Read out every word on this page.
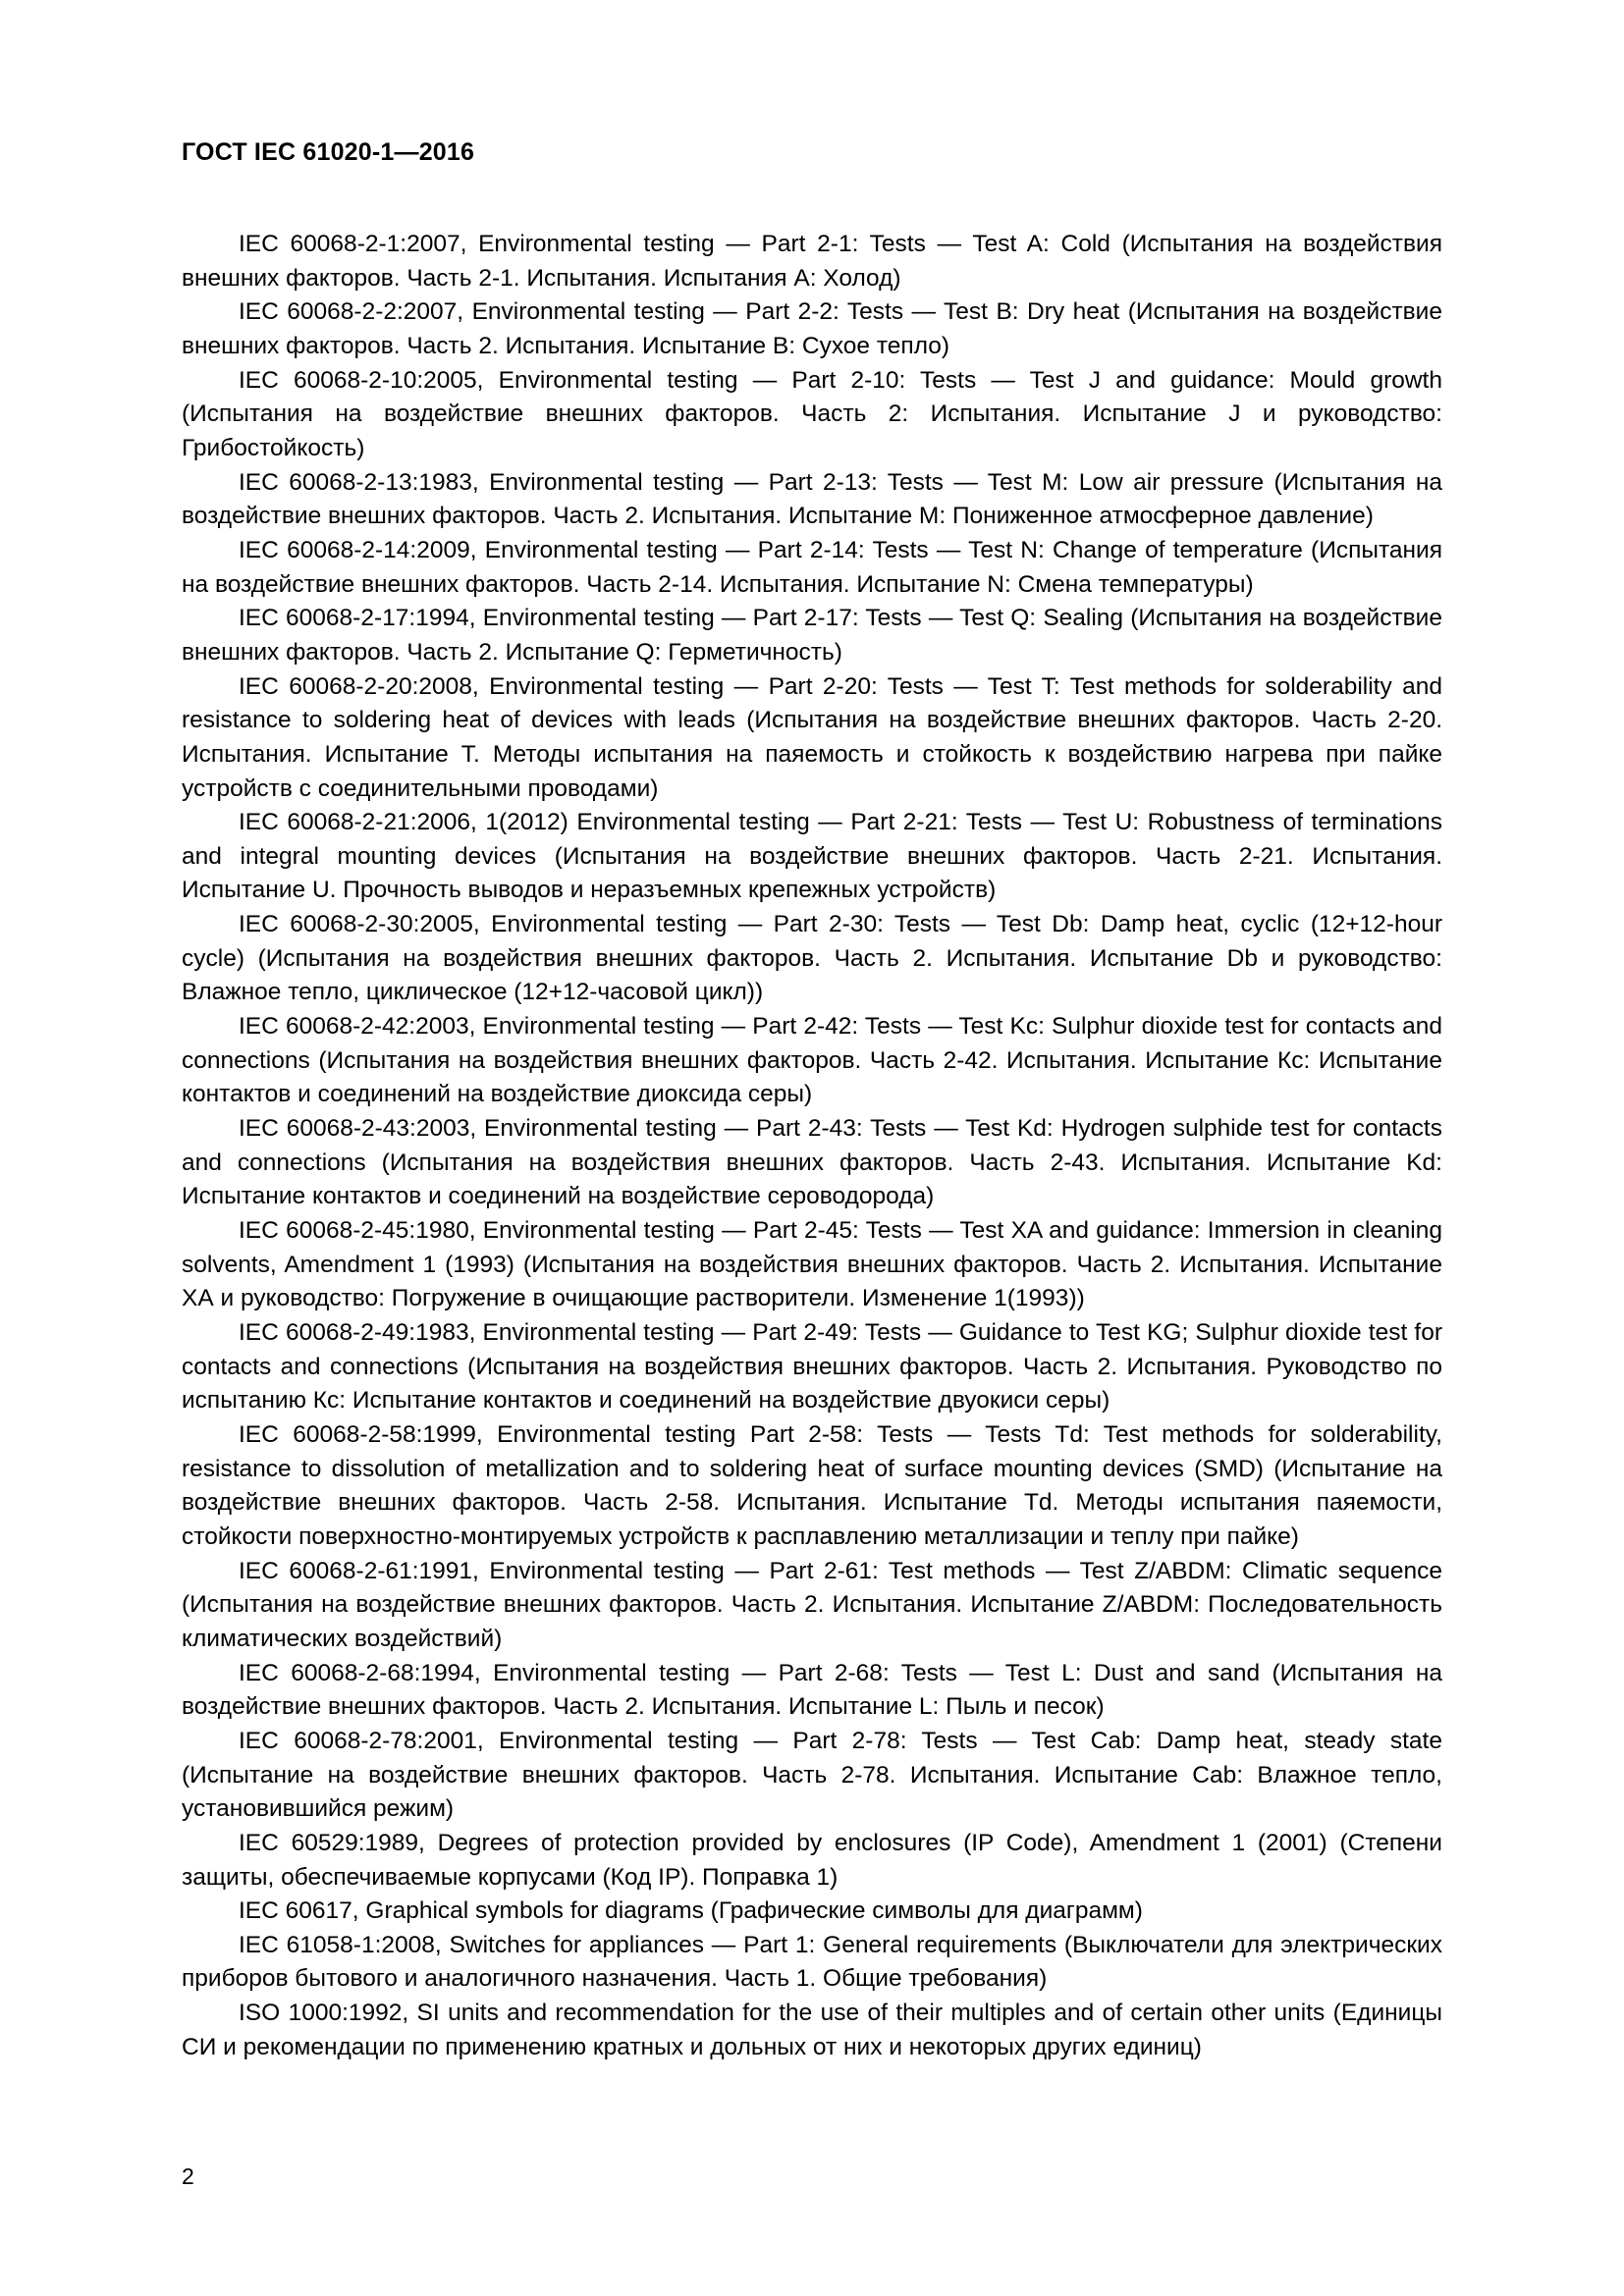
ГОСТ IEC 61020-1—2016

IEC 60068-2-1:2007, Environmental testing — Part 2-1: Tests — Test A: Cold (Испытания на воздействия внешних факторов. Часть 2-1. Испытания. Испытания А: Холод)

IEC 60068-2-2:2007, Environmental testing — Part 2-2: Tests — Test B: Dry heat (Испытания на воздействие внешних факторов. Часть 2. Испытания. Испытание В: Сухое тепло)

IEC 60068-2-10:2005, Environmental testing — Part 2-10: Tests — Test J and guidance: Mould growth (Испытания на воздействие внешних факторов. Часть 2: Испытания. Испытание J и руководство: Грибостойкость)

IEC 60068-2-13:1983, Environmental testing — Part 2-13: Tests — Test M: Low air pressure (Испытания на воздействие внешних факторов. Часть 2. Испытания. Испытание М: Пониженное атмосферное давление)

IEC 60068-2-14:2009, Environmental testing — Part 2-14: Tests — Test N: Change of temperature (Испытания на воздействие внешних факторов. Часть 2-14. Испытания. Испытание N: Смена температуры)

IEC 60068-2-17:1994, Environmental testing — Part 2-17: Tests — Test Q: Sealing (Испытания на воздействие внешних факторов. Часть 2. Испытание Q: Герметичность)

IEC 60068-2-20:2008, Environmental testing — Part 2-20: Tests — Test T: Test methods for solderability and resistance to soldering heat of devices with leads (Испытания на воздействие внешних факторов. Часть 2-20. Испытания. Испытание Т. Методы испытания на паяемость и стойкость к воздействию нагрева при пайке устройств с соединительными проводами)

IEC 60068-2-21:2006, 1(2012) Environmental testing — Part 2-21: Tests — Test U: Robustness of terminations and integral mounting devices (Испытания на воздействие внешних факторов. Часть 2-21. Испытания. Испытание U. Прочность выводов и неразъемных крепежных устройств)

IEC 60068-2-30:2005, Environmental testing — Part 2-30: Tests — Test Db: Damp heat, cyclic (12+12-hour cycle) (Испытания на воздействия внешних факторов. Часть 2. Испытания. Испытание Db и руководство: Влажное тепло, циклическое (12+12-часовой цикл))

IEC 60068-2-42:2003, Environmental testing — Part 2-42: Tests — Test Kc: Sulphur dioxide test for contacts and connections (Испытания на воздействия внешних факторов. Часть 2-42. Испытания. Испытание Кс: Испытание контактов и соединений на воздействие диоксида серы)

IEC 60068-2-43:2003, Environmental testing — Part 2-43: Tests — Test Kd: Hydrogen sulphide test for contacts and connections (Испытания на воздействия внешних факторов. Часть 2-43. Испытания. Испытание Kd: Испытание контактов и соединений на воздействие сероводорода)

IEC 60068-2-45:1980, Environmental testing — Part 2-45: Tests — Test XA and guidance: Immersion in cleaning solvents, Amendment 1 (1993) (Испытания на воздействия внешних факторов. Часть 2. Испытания. Испытание ХА и руководство: Погружение в очищающие растворители. Изменение 1(1993))

IEC 60068-2-49:1983, Environmental testing — Part 2-49: Tests — Guidance to Test KG; Sulphur dioxide test for contacts and connections (Испытания на воздействия внешних факторов. Часть 2. Испытания. Руководство по испытанию Кс: Испытание контактов и соединений на воздействие двуокиси серы)

IEC 60068-2-58:1999, Environmental testing Part 2-58: Tests — Tests Td: Test methods for solderability, resistance to dissolution of metallization and to soldering heat of surface mounting devices (SMD) (Испытание на воздействие внешних факторов. Часть 2-58. Испытания. Испытание Td. Методы испытания паяемости, стойкости поверхностно-монтируемых устройств к расплавлению металлизации и теплу при пайке)

IEC 60068-2-61:1991, Environmental testing — Part 2-61: Test methods — Test Z/ABDM: Climatic sequence (Испытания на воздействие внешних факторов. Часть 2. Испытания. Испытание Z/ABDM: Последовательность климатических воздействий)

IEC 60068-2-68:1994, Environmental testing — Part 2-68: Tests — Test L: Dust and sand (Испытания на воздействие внешних факторов. Часть 2. Испытания. Испытание L: Пыль и песок)

IEC 60068-2-78:2001, Environmental testing — Part 2-78: Tests — Test Cab: Damp heat, steady state (Испытание на воздействие внешних факторов. Часть 2-78. Испытания. Испытание Cab: Влажное тепло, установившийся режим)

IEC 60529:1989, Degrees of protection provided by enclosures (IP Code), Amendment 1 (2001) (Степени защиты, обеспечиваемые корпусами (Код IP). Поправка 1)

IEC 60617, Graphical symbols for diagrams (Графические символы для диаграмм)

IEC 61058-1:2008, Switches for appliances — Part 1: General requirements (Выключатели для электрических приборов бытового и аналогичного назначения. Часть 1. Общие требования)

ISO 1000:1992, SI units and recommendation for the use of their multiples and of certain other units (Единицы СИ и рекомендации по применению кратных и дольных от них и некоторых других единиц)

2
